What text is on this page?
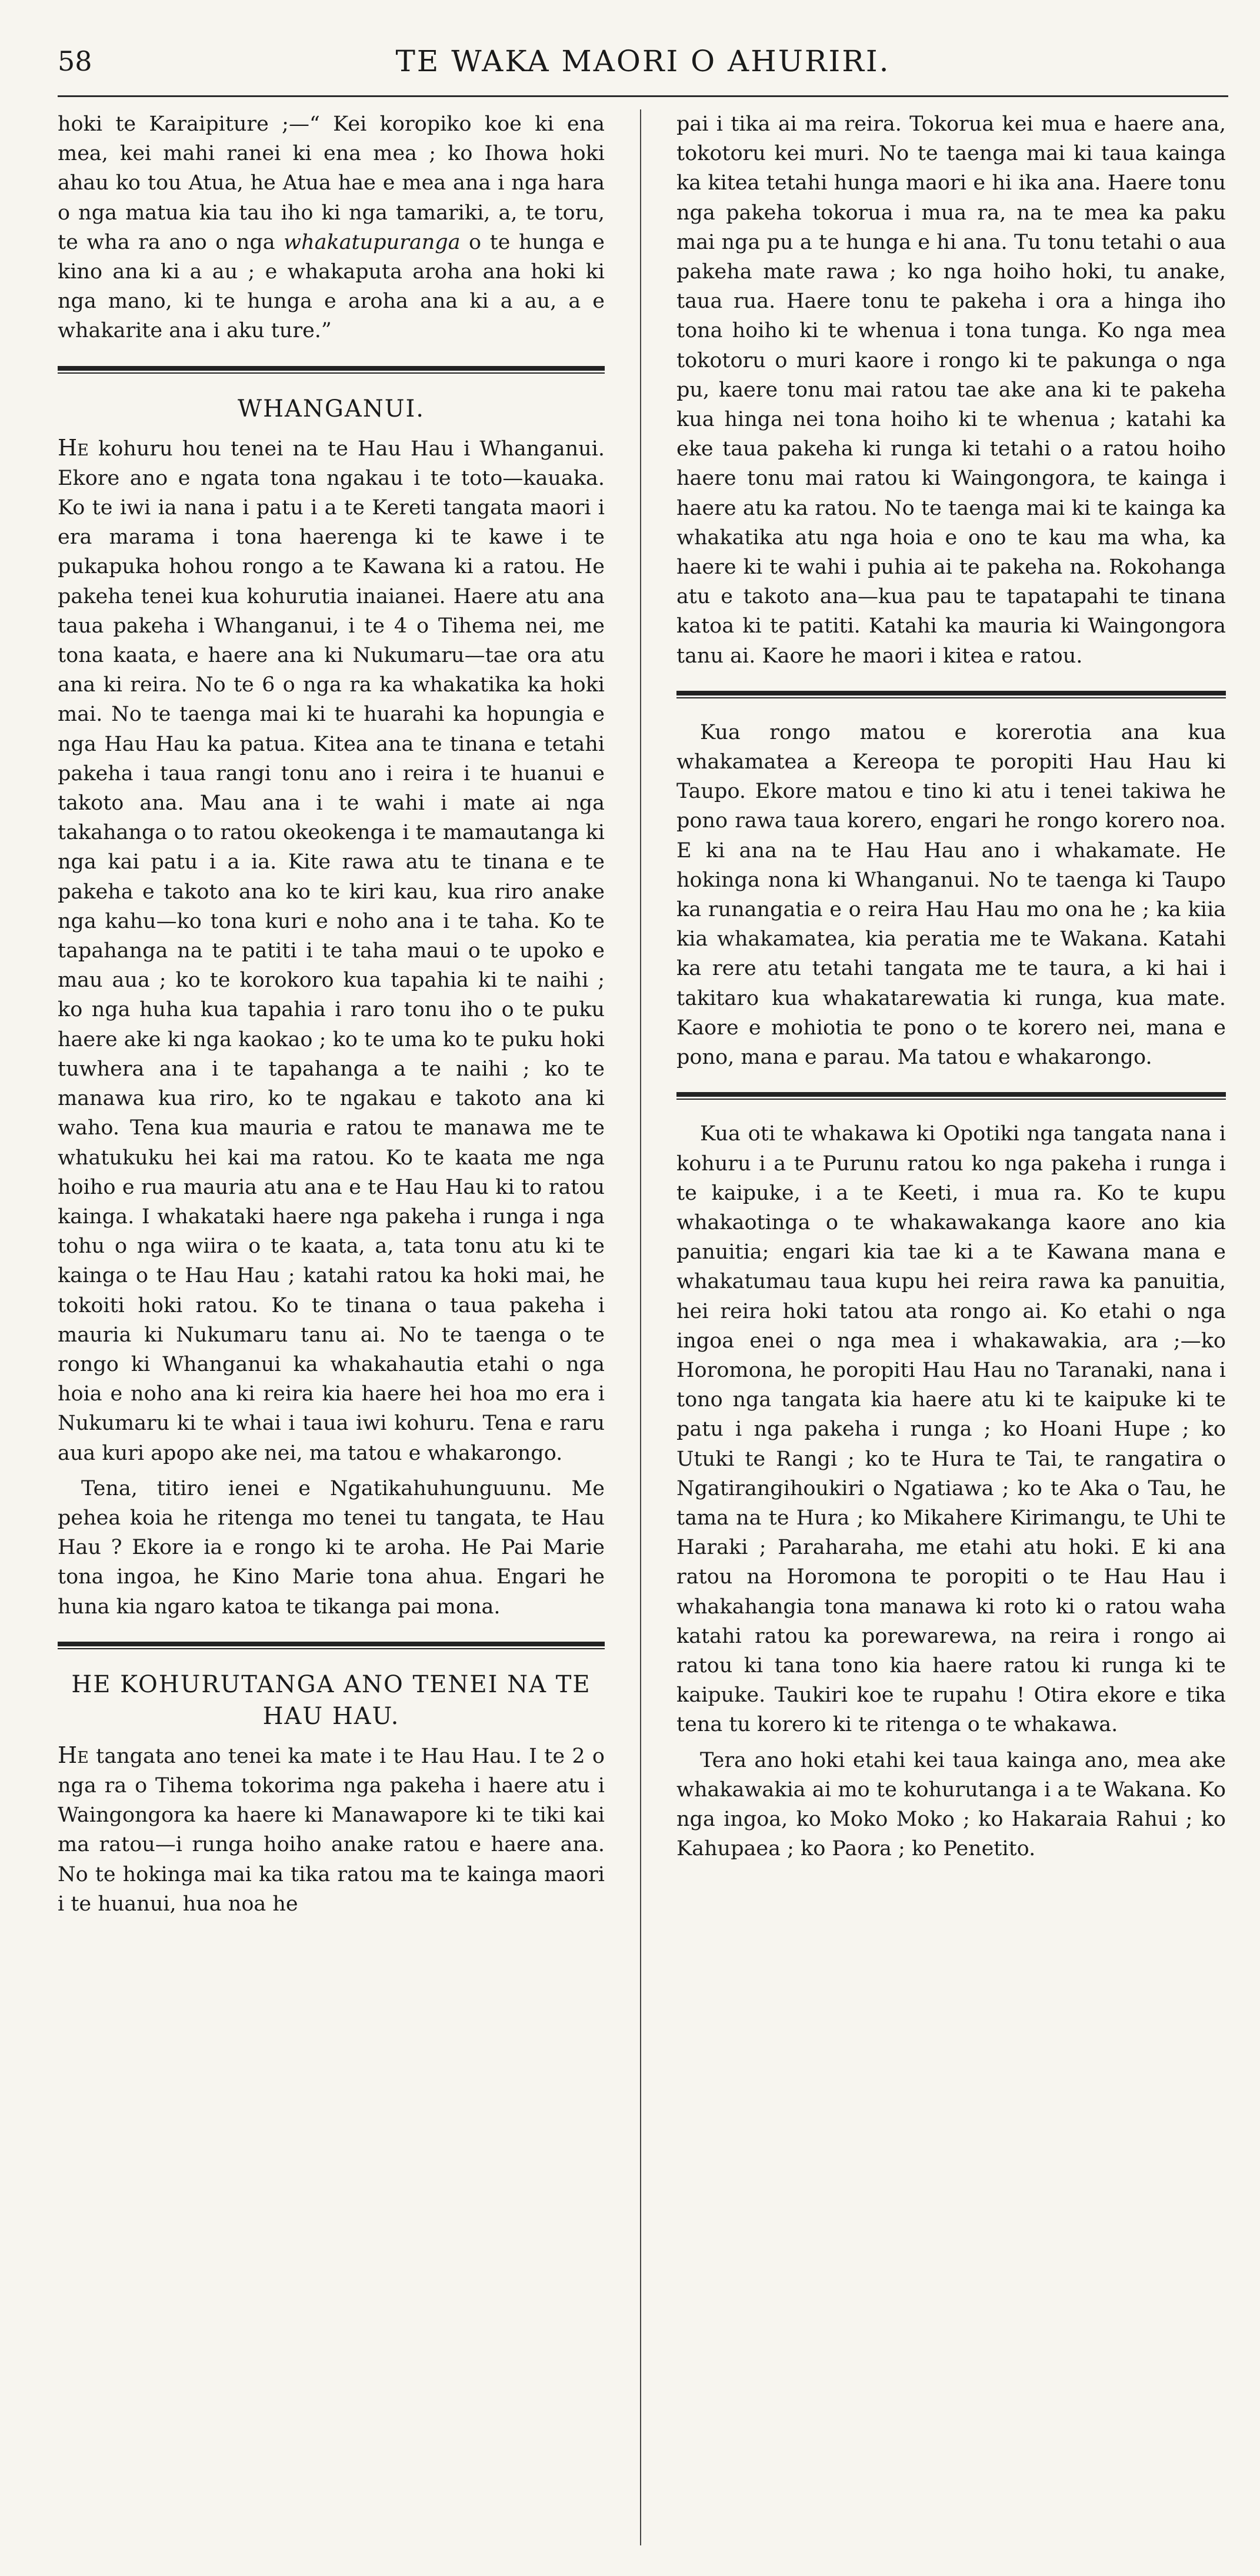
58	TE WAKA MAORI O AHURIRI.

hoki te Karaipiture ;—“ Kei koropiko koe ki ena mea, kei mahi ranei ki ena mea ; ko Ihowa hoki ahau ko tou Atua, he Atua hae e mea ana i nga hara o nga matua kia tau iho ki nga tamariki, a, te toru, te wha ra ano o nga whakatupuranga o te hunga e kino ana ki a au ; e whakaputa aroha ana hoki ki nga mano, ki te hunga e aroha ana ki a au, a e whakarite ana i aku ture.”

WHANGANUI.

He kohuru hou tenei na te Hau Hau i Whanganui. Ekore ano e ngata tona ngakau i te toto—kauaka. Ko te iwi ia nana i patu i a te Kereti tangata maori i era marama i tona haerenga ki te kawe i te pukapuka hohou rongo a te Kawana ki a ratou. He pakeha tenei kua kohurutia inaianei. Haere atu ana taua pakeha i Whanganui, i te 4 o Tihema nei, me tona kaata, e haere ana ki Nukumaru—tae ora atu ana ki reira. No te 6 o nga ra ka whakatika ka hoki mai. No te taenga mai ki te huarahi ka hopungia e nga Hau Hau ka patua. Kitea ana te tinana e tetahi pakeha i taua rangi tonu ano i reira i te huanui e takoto ana. Mau ana i te wahi i mate ai nga takahanga o to ratou okeokenga i te mamautanga ki nga kai patu i a ia. Kite rawa atu te tinana e te pakeha e takoto ana ko te kiri kau, kua riro anake nga kahu—ko tona kuri e noho ana i te taha. Ko te tapahanga na te patiti i te taha maui o te upoko e mau aua ; ko te korokoro kua tapahia ki te naihi ; ko nga huha kua tapahia i raro tonu iho o te puku haere ake ki nga kaokao ; ko te uma ko te puku hoki tuwhera ana i te tapahanga a te naihi ; ko te manawa kua riro, ko te ngakau e takoto ana ki waho. Tena kua mauria e ratou te manawa me te whatukuku hei kai ma ratou. Ko te kaata me nga hoiho e rua mauria atu ana e te Hau Hau ki to ratou kainga. I whakataki haere nga pakeha i runga i nga tohu o nga wiira o te kaata, a, tata tonu atu ki te kainga o te Hau Hau ; katahi ratou ka hoki mai, he tokoiti hoki ratou. Ko te tinana o taua pakeha i mauria ki Nukumaru tanu ai. No te taenga o te rongo ki Whanganui ka whakahautia etahi o nga hoia e noho ana ki reira kia haere hei hoa mo era i Nukumaru ki te whai i taua iwi kohuru. Tena e raru aua kuri apopo ake nei, ma tatou e whakarongo.

Tena, titiro ienei e Ngatikahuhunguunu. Me pehea koia he ritenga mo tenei tu tangata, te Hau Hau ? Ekore ia e rongo ki te aroha. He Pai Marie tona ingoa, he Kino Marie tona ahua. Engari he huna kia ngaro katoa te tikanga pai mona.

HE KOHURUTANGA ANO TENEI NA TE HAU HAU.

He tangata ano tenei ka mate i te Hau Hau. I te 2 o nga ra o Tihema tokorima nga pakeha i haere atu i Waingongora ka haere ki Manawapore ki te tiki kai ma ratou—i runga hoiho anake ratou e haere ana. No te hokinga mai ka tika ratou ma te kainga maori i te huanui, hua noa he

pai i tika ai ma reira. Tokorua kei mua e haere ana, tokotoru kei muri. No te taenga mai ki taua kainga ka kitea tetahi hunga maori e hi ika ana. Haere tonu nga pakeha tokorua i mua ra, na te mea ka paku mai nga pu a te hunga e hi ana. Tu tonu tetahi o aua pakeha mate rawa ; ko nga hoiho hoki, tu anake, taua rua. Haere tonu te pakeha i ora a hinga iho tona hoiho ki te whenua i tona tunga. Ko nga mea tokotoru o muri kaore i rongo ki te pakunga o nga pu, kaere tonu mai ratou tae ake ana ki te pakeha kua hinga nei tona hoiho ki te whenua ; katahi ka eke taua pakeha ki runga ki tetahi o a ratou hoiho haere tonu mai ratou ki Waingongora, te kainga i haere atu ka ratou. No te taenga mai ki te kainga ka whakatika atu nga hoia e ono te kau ma wha, ka haere ki te wahi i puhia ai te pakeha na. Rokohanga atu e takoto ana—kua pau te tapatapahi te tinana katoa ki te patiti. Katahi ka mauria ki Waingongora tanu ai. Kaore he maori i kitea e ratou.

Kua rongo matou e korerotia ana kua whakamatea a Kereopa te poropiti Hau Hau ki Taupo. Ekore matou e tino ki atu i tenei takiwa he pono rawa taua korero, engari he rongo korero noa. E ki ana na te Hau Hau ano i whakamate. He hokinga nona ki Whanganui. No te taenga ki Taupo ka runangatia e o reira Hau Hau mo ona he ; ka kiia kia whakamatea, kia peratia me te Wakana. Katahi ka rere atu tetahi tangata me te taura, a ki hai i takitaro kua whakatarewatia ki runga, kua mate. Kaore e mohiotia te pono o te korero nei, mana e pono, mana e parau. Ma tatou e whakarongo.

Kua oti te whakawa ki Opotiki nga tangata nana i kohuru i a te Purunu ratou ko nga pakeha i runga i te kaipuke, i a te Keeti, i mua ra. Ko te kupu whakaotinga o te whakawakanga kaore ano kia panuitia; engari kia tae ki a te Kawana mana e whakatumau taua kupu hei reira rawa ka panuitia, hei reira hoki tatou ata rongo ai. Ko etahi o nga ingoa enei o nga mea i whakawakia, ara ;—ko Horomona, he poropiti Hau Hau no Taranaki, nana i tono nga tangata kia haere atu ki te kaipuke ki te patu i nga pakeha i runga ; ko Hoani Hupe ; ko Utuki te Rangi ; ko te Hura te Tai, te rangatira o Ngatirangihoukiri o Ngatiawa ; ko te Aka o Tau, he tama na te Hura ; ko Mikahere Kirimangu, te Uhi te Haraki ; Paraharaha, me etahi atu hoki. E ki ana ratou na Horomona te poropiti o te Hau Hau i whakahangia tona manawa ki roto ki o ratou waha katahi ratou ka porewarewa, na reira i rongo ai ratou ki tana tono kia haere ratou ki runga ki te kaipuke. Taukiri koe te rupahu ! Otira ekore e tika tena tu korero ki te ritenga o te whakawa.

Tera ano hoki etahi kei taua kainga ano, mea ake whakawakia ai mo te kohurutanga i a te Wakana. Ko nga ingoa, ko Moko Moko ; ko Hakaraia Rahui ; ko Kahupaea ; ko Paora ; ko Penetito.
